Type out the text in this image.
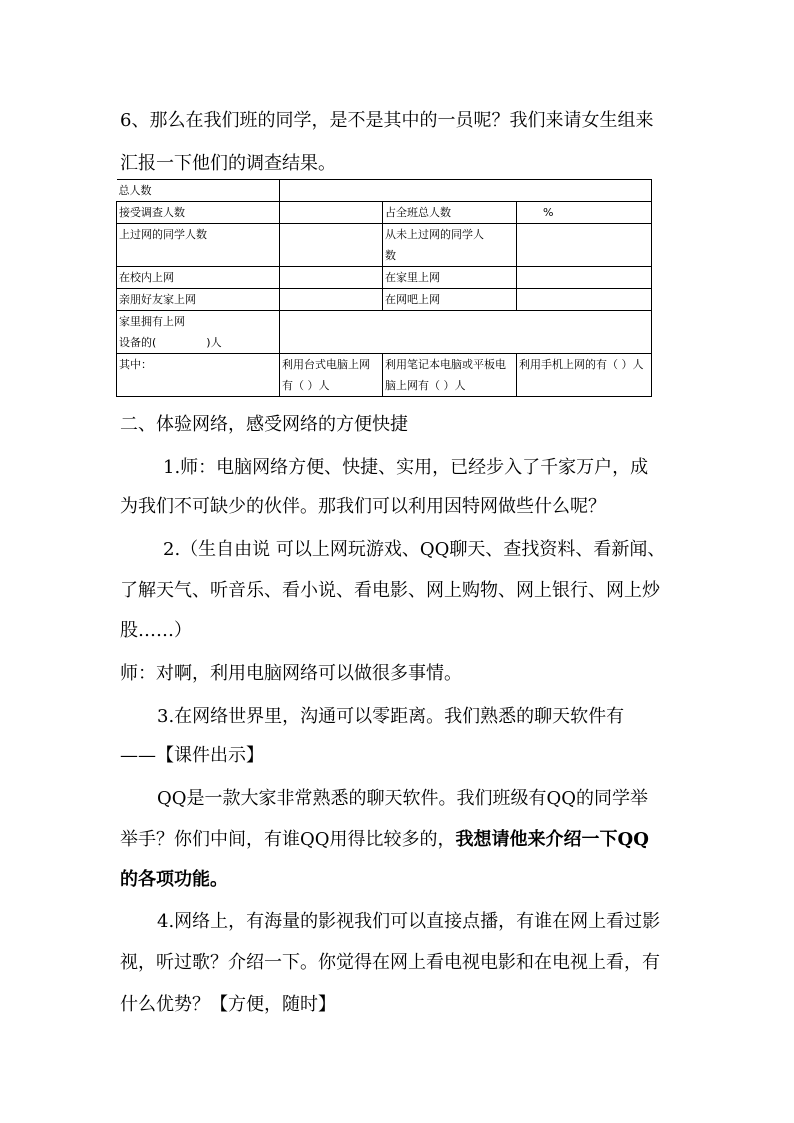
6、那么在我们班的同学，是不是其中的一员呢？我们来请女生组来
汇报一下他们的调查结果。
总人数			
接受调查人数		占全班总人数	%
上过网的同学人数		从未上过网的同学人
数	

在校内上网		在家里上网	
亲朋好友家上网		在网吧上网	

家里拥有上网
设备的( )人			

其中：	利用台式电脑上网有（ ）人	利用笔记本电脑或平板电脑上网有（ ）人	利用手机上网的有（ ）人
二、体验网络，感受网络的方便快捷
1.师：电脑网络方便、快捷、实用，已经步入了千家万户，成
为我们不可缺少的伙伴。那我们可以利用因特网做些什么呢？
2.（生自由说 可以上网玩游戏、QQ聊天、查找资料、看新闻、
了解天气、听音乐、看小说、看电影、网上购物、网上银行、网上炒
股……）
师：对啊，利用电脑网络可以做很多事情。
3.在网络世界里，沟通可以零距离。我们熟悉的聊天软件有
——【课件出示】
QQ是一款大家非常熟悉的聊天软件。我们班级有QQ的同学举
举手？你们中间，有谁QQ用得比较多的，我想请他来介绍一下QQ
的各项功能。
4.网络上，有海量的影视我们可以直接点播，有谁在网上看过影
视，听过歌？介绍一下。你觉得在网上看电视电影和在电视上看，有
什么优势？【方便，随时】
